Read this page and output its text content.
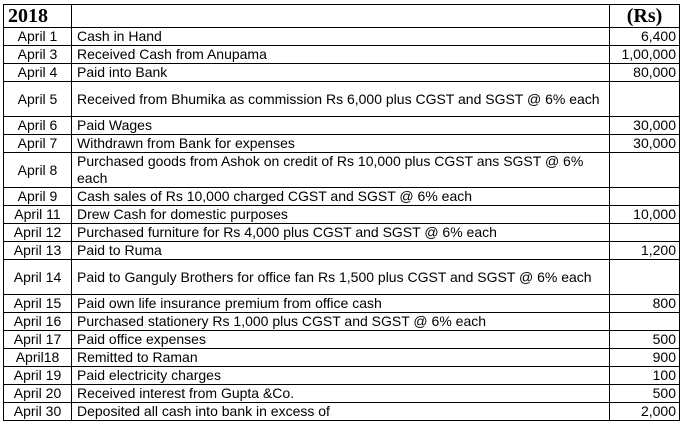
2018		(Rs)
April 1	Cash in Hand	6,400
April 3	Received Cash from Anupama	1,00,000
April 4	Paid into Bank	80,000
April 5	Received from Bhumika as commission Rs 6,000 plus CGST and SGST @ 6% each	
April 6	Paid Wages	30,000
April 7	Withdrawn from Bank for expenses	30,000
April 8	Purchased goods from Ashok on credit of Rs 10,000 plus CGST ans SGST @ 6% each	
April 9	Cash sales of Rs 10,000 charged CGST and SGST @ 6% each	
April 11	Drew Cash for domestic purposes	10,000
April 12	Purchased furniture for Rs 4,000 plus CGST and SGST @ 6% each	
April 13	Paid to Ruma	1,200
April 14	Paid to Ganguly Brothers for office fan Rs 1,500 plus CGST and SGST @ 6% each	
April 15	Paid own life insurance premium from office cash	800
April 16	Purchased stationery Rs 1,000 plus CGST and SGST @ 6% each	
April 17	Paid office expenses	500
April18	Remitted to Raman	900
April 19	Paid electricity charges	100
April 20	Received interest from Gupta &Co.	500
April 30	Deposited all cash into bank in excess of	2,000
